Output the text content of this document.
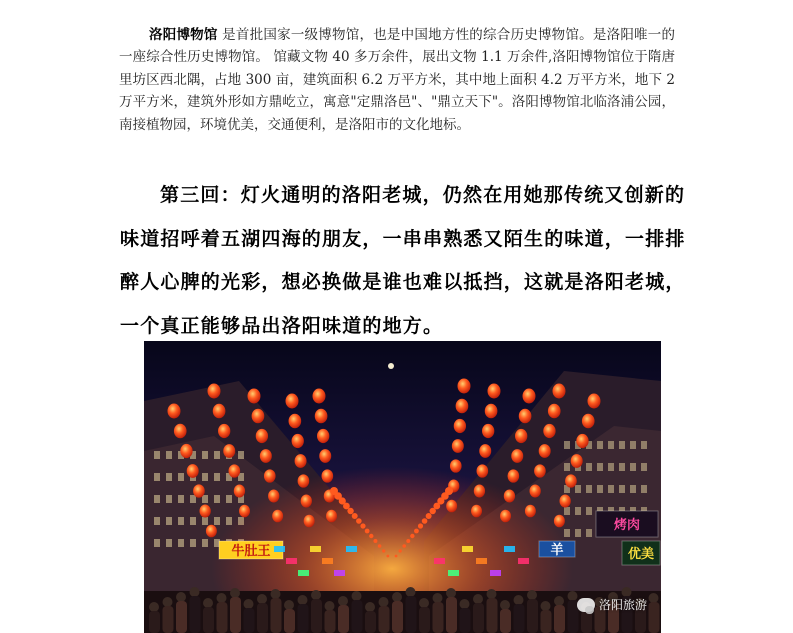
洛阳博物馆 是首批国家一级博物馆，也是中国地方性的综合历史博物馆。是洛阳唯一的一座综合性历史博物馆。 馆藏文物 40 多万余件，展出文物 1.1 万余件,洛阳博物馆位于隋唐里坊区西北隅，占地 300 亩，建筑面积 6.2 万平方米，其中地上面积 4.2 万平方米，地下 2 万平方米，建筑外形如方鼎屹立，寓意"定鼎洛邑"、"鼎立天下"。洛阳博物馆北临洛浦公园，南接植物园，环境优美，交通便利，是洛阳市的文化地标。
第三回：灯火通明的洛阳老城，仍然在用她那传统又创新的味道招呼着五湖四海的朋友，一串串熟悉又陌生的味道，一排排醉人心脾的光彩，想必换做是谁也难以抵挡，这就是洛阳老城，一个真正能够品出洛阳味道的地方。
牛肚王
烤肉
优美
羊
洛阳旅游
